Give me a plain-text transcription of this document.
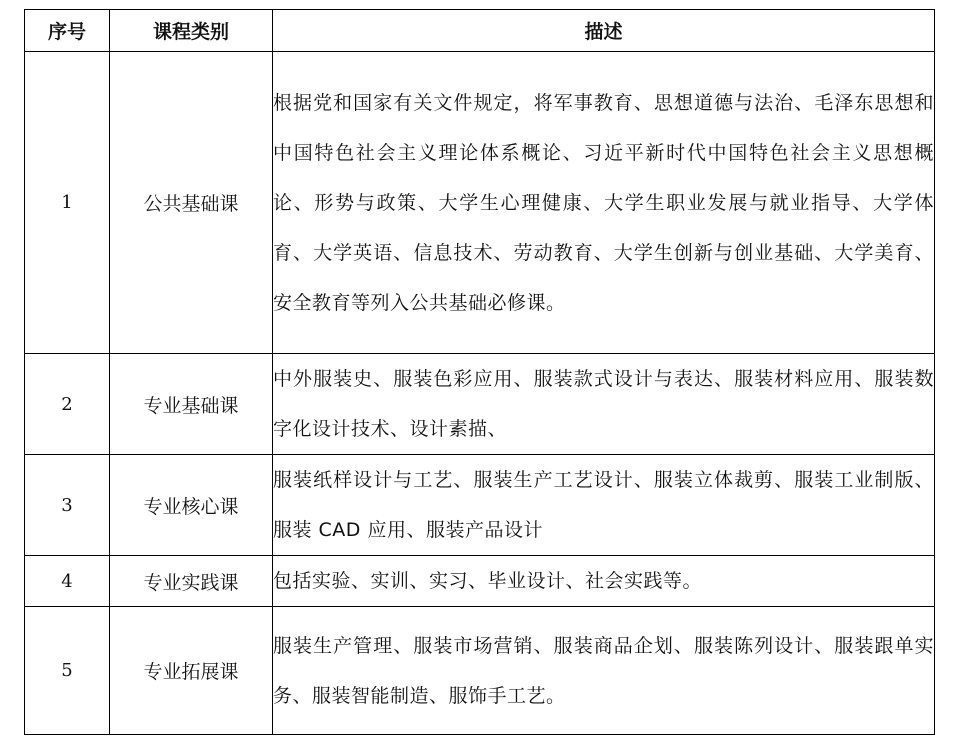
序号	课程类别	描述
1	公共基础课	根据党和国家有关文件规定，将军事教育、思想道德与法治、毛泽东思想和中国特色社会主义理论体系概论、习近平新时代中国特色社会主义思想概论、形势与政策、大学生心理健康、大学生职业发展与就业指导、大学体育、大学英语、信息技术、劳动教育、大学生创新与创业基础、大学美育、安全教育等列入公共基础必修课。
2	专业基础课	中外服装史、服装色彩应用、服装款式设计与表达、服装材料应用、服装数字化设计技术、设计素描、
3	专业核心课	服装纸样设计与工艺、服装生产工艺设计、服装立体裁剪、服装工业制版、服装 CAD 应用、服装产品设计
4	专业实践课	包括实验、实训、实习、毕业设计、社会实践等。
5	专业拓展课	服装生产管理、服装市场营销、服装商品企划、服装陈列设计、服装跟单实务、服装智能制造、服饰手工艺。
